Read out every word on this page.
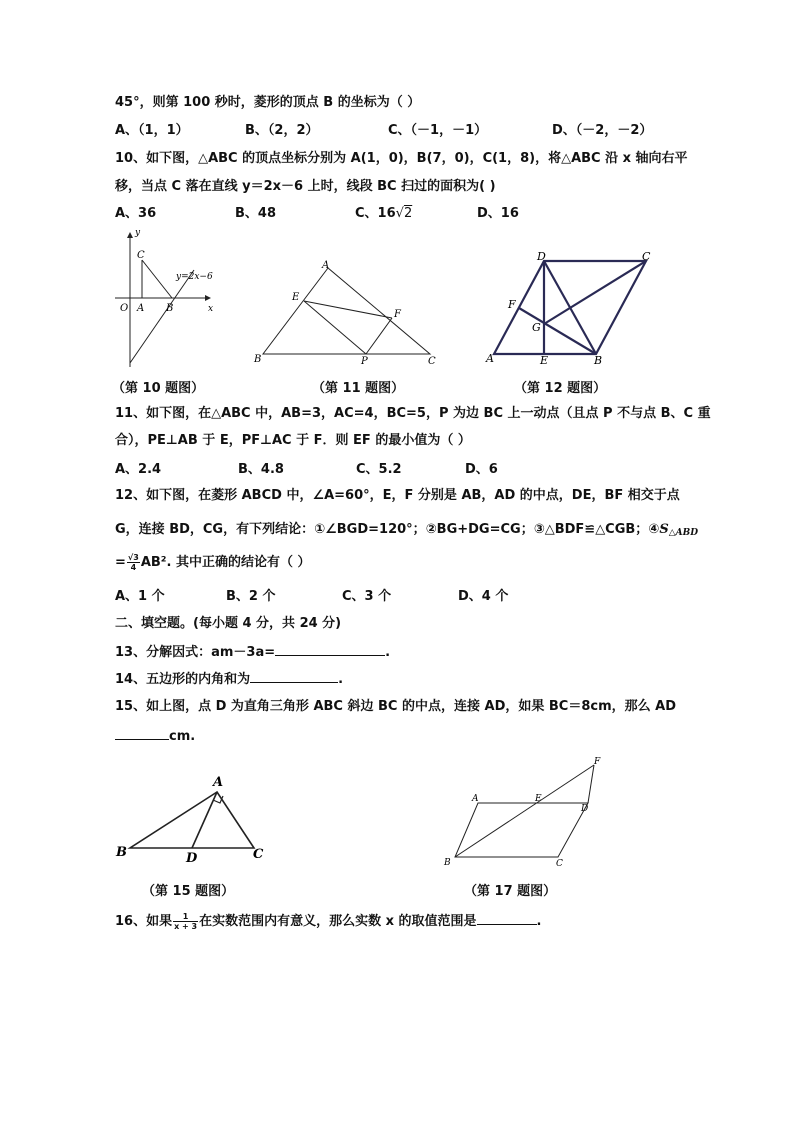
45°，则第 100 秒时，菱形的顶点 B 的坐标为（ ）
A、（1，1）	B、（2，2）	C、（－1，－1）	D、（－2，－2）
10、如下图，△ABC 的顶点坐标分别为 A(1，0)，B(7，0)，C(1，8)，将△ABC 沿 x 轴向右平
移，当点 C 落在直线 y＝2x－6 上时，线段 BC 扫过的面积为( )
A、36	B、48	C、16√2	D、16
y
x
O A B
C
y=2x−6
（第 10 题图）
A
B	C
E
F
P
（第 11 题图）
D	C
A	B
E
F
G
（第 12 题图）
11、如下图，在△ABC 中，AB=3，AC=4，BC=5，P 为边 BC 上一动点（且点 P 不与点 B、C 重
合），PE⊥AB 于 E，PF⊥AC 于 F．则 EF 的最小值为（ ）
A、2.4	B、4.8	C、5.2	D、6
12、如下图，在菱形 ABCD 中，∠A=60°，E，F 分别是 AB，AD 的中点，DE，BF 相交于点
G，连接 BD，CG，有下列结论：①∠BGD=120°；②BG+DG=CG；③△BDF≌△CGB；④S△ABD
= $\frac{√3}{4} AB^2$. 其中正确的结论有（ ）
A、1 个	B、2 个	C、3 个	D、4 个
二、填空题。(每小题 4 分，共 24 分)
13、分解因式：am－3a=	.
14、五边形的内角和为	.
15、如上图，点 D 为直角三角形 ABC 斜边 BC 的中点，连接 AD，如果 BC＝8cm，那么 AD
cm.
A
B	C
D
（第 15 题图）
A
B	C
D
E
F
（第 17 题图）
16、如果 $\frac{1}{x + 3}$ 在实数范围内有意义，那么实数 x 的取值范围是	.
